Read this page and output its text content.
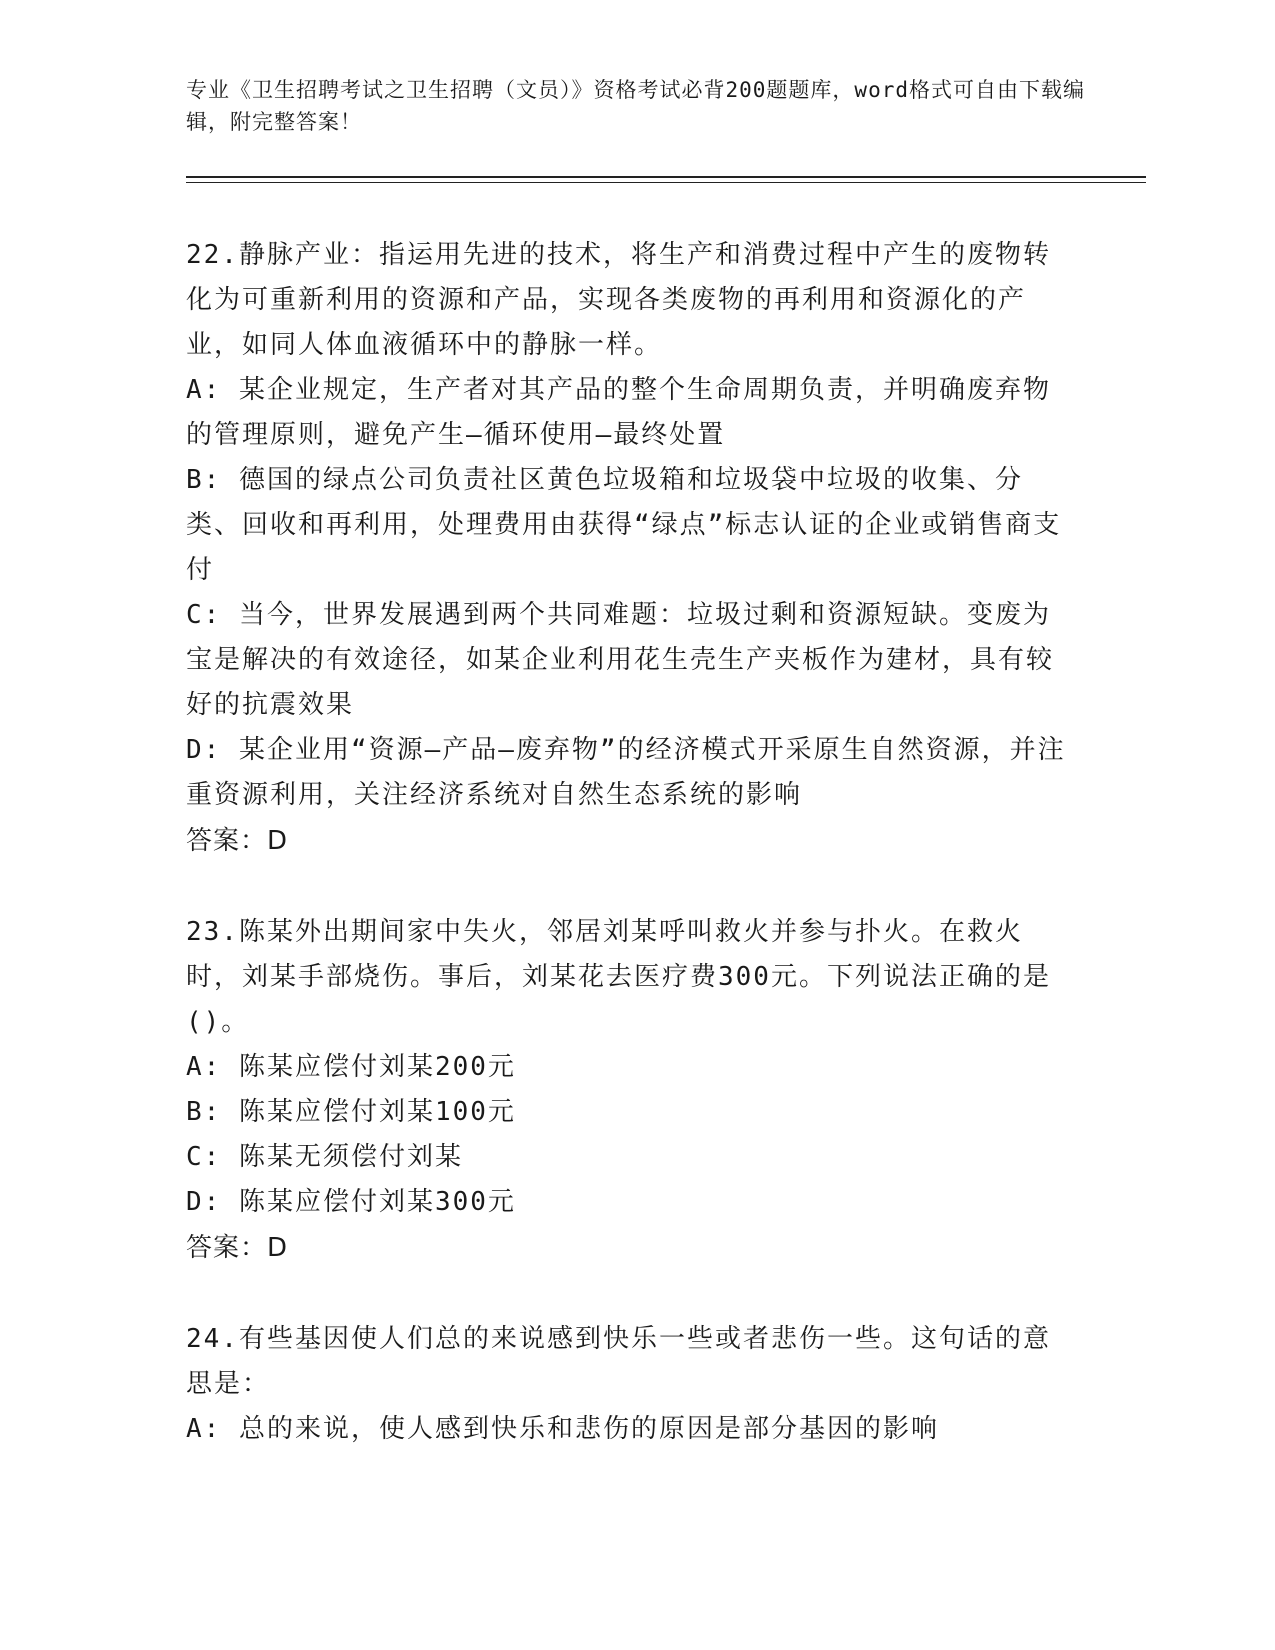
专业《卫生招聘考试之卫生招聘（文员）》资格考试必背200题题库，word格式可自由下载编辑，附完整答案！

22.静脉产业：指运用先进的技术，将生产和消费过程中产生的废物转化为可重新利用的资源和产品，实现各类废物的再利用和资源化的产业，如同人体血液循环中的静脉一样。

A: 某企业规定，生产者对其产品的整个生命周期负责，并明确废弃物的管理原则，避免产生—循环使用—最终处置

B: 德国的绿点公司负责社区黄色垃圾箱和垃圾袋中垃圾的收集、分类、回收和再利用，处理费用由获得“绿点”标志认证的企业或销售商支付

C: 当今，世界发展遇到两个共同难题：垃圾过剩和资源短缺。变废为宝是解决的有效途径，如某企业利用花生壳生产夹板作为建材，具有较好的抗震效果

D: 某企业用“资源—产品—废弃物”的经济模式开采原生自然资源，并注重资源利用，关注经济系统对自然生态系统的影响

答案：D

23.陈某外出期间家中失火，邻居刘某呼叫救火并参与扑火。在救火时，刘某手部烧伤。事后，刘某花去医疗费300元。下列说法正确的是()。

A: 陈某应偿付刘某200元

B: 陈某应偿付刘某100元

C: 陈某无须偿付刘某

D: 陈某应偿付刘某300元

答案：D

24.有些基因使人们总的来说感到快乐一些或者悲伤一些。这句话的意思是：

A: 总的来说，使人感到快乐和悲伤的原因是部分基因的影响
